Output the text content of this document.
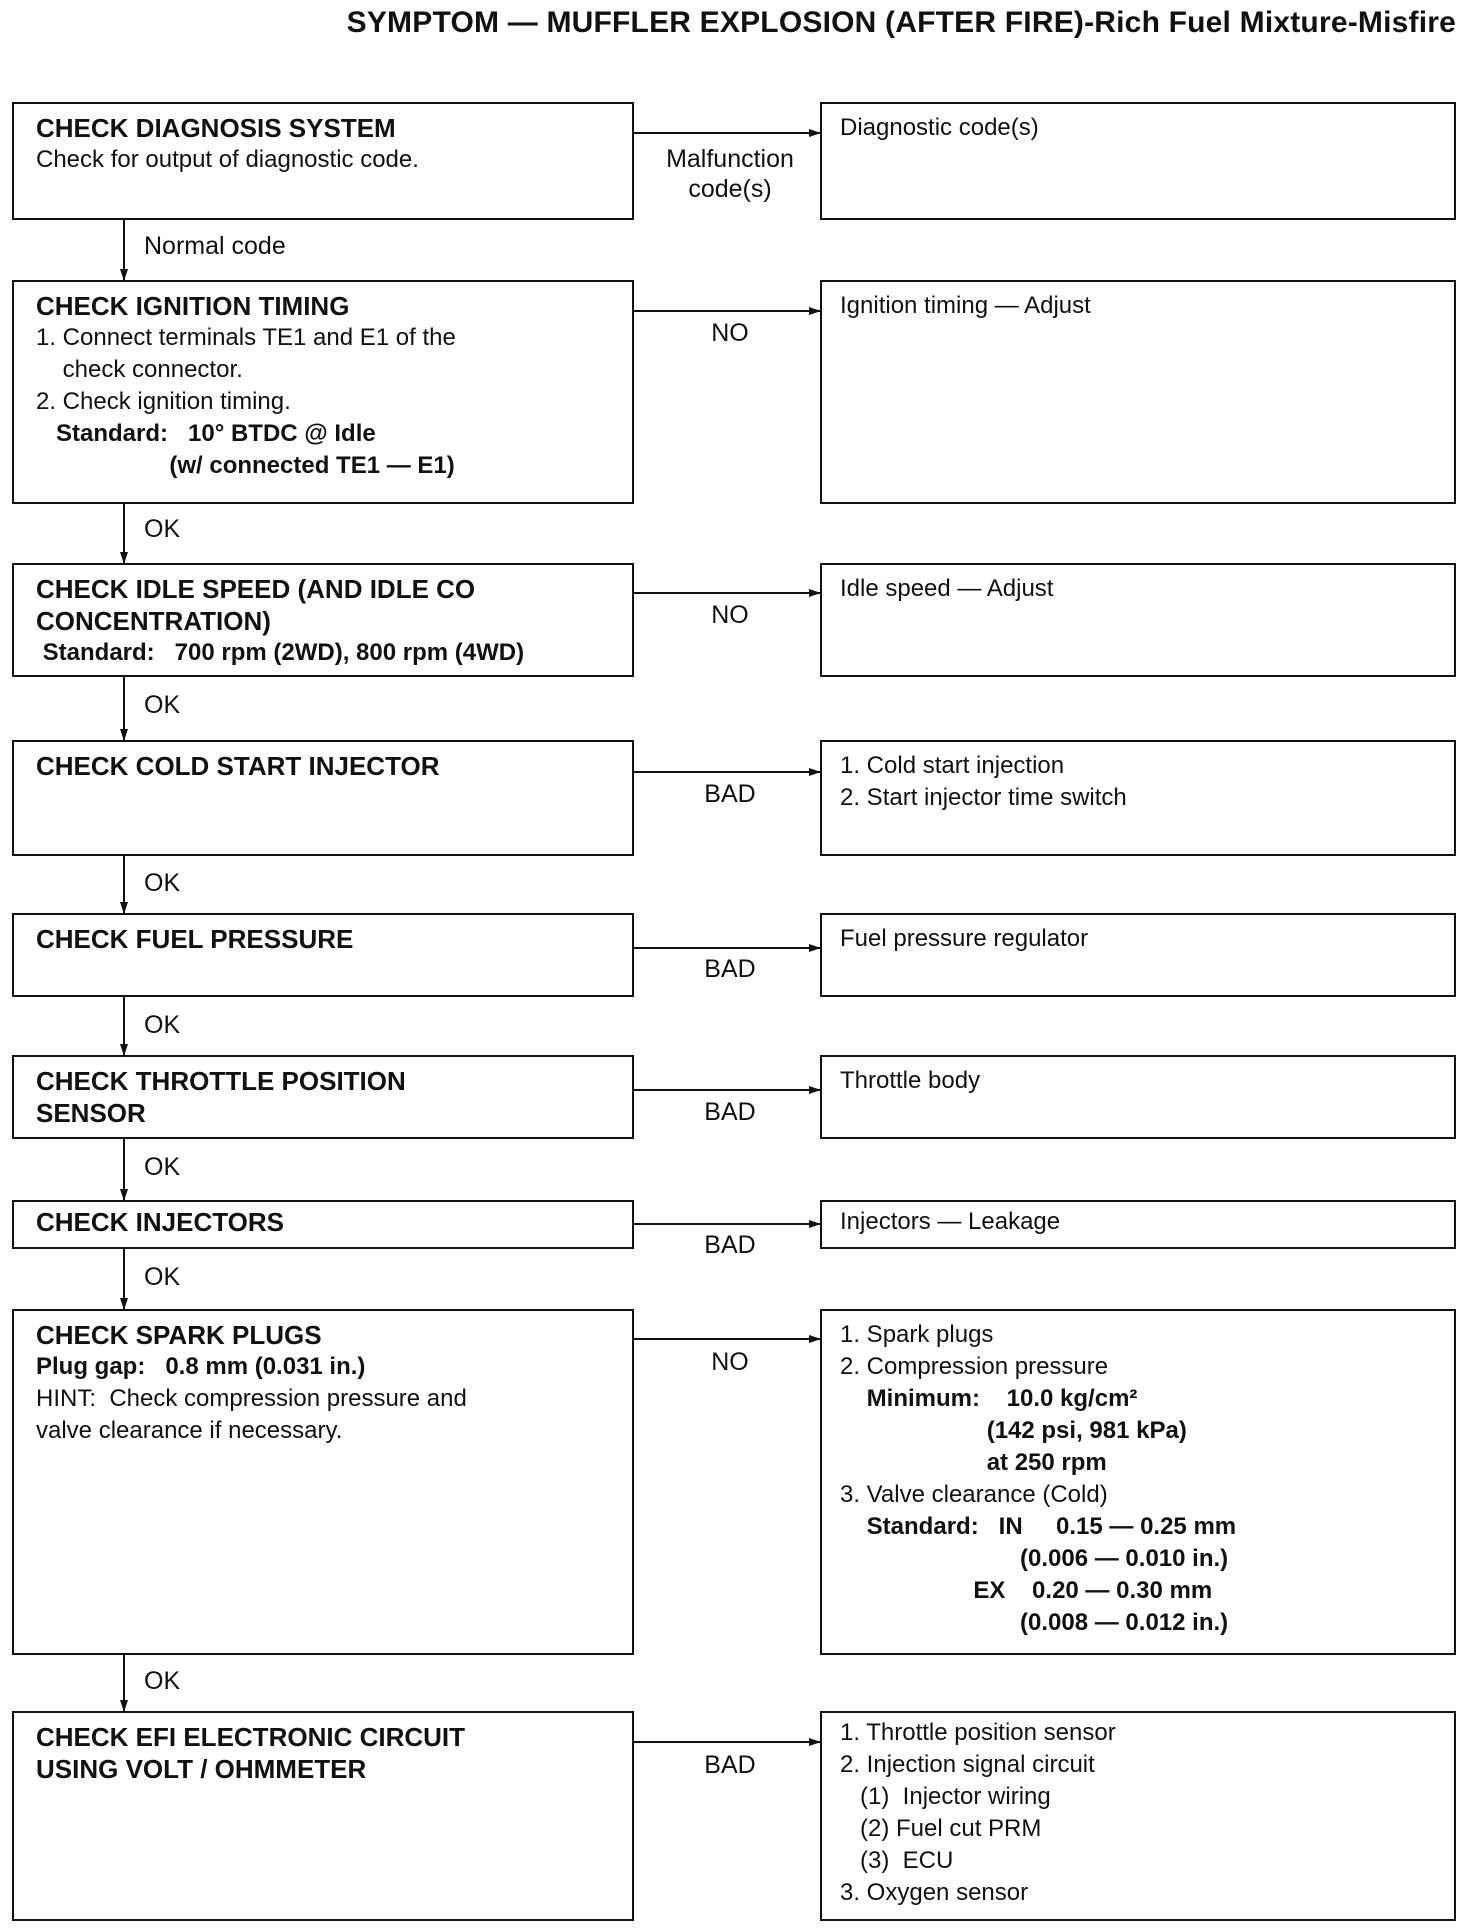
SYMPTOM — MUFFLER EXPLOSION (AFTER FIRE)-Rich Fuel Mixture-Misfire
CHECK DIAGNOSIS SYSTEM
Check for output of diagnostic code.	Malfunction
code(s)
Diagnostic code(s)
Normal code
CHECK IGNITION TIMING
1. Connect terminals TE1 and E1 of the
check connector.
2. Check ignition timing.
Standard:   10° BTDC @ Idle
(w/ connected TE1 — E1)
NO
Ignition timing — Adjust
OK
CHECK IDLE SPEED (AND IDLE CO
CONCENTRATION)
Standard:   700 rpm (2WD), 800 rpm (4WD)
NO
Idle speed — Adjust
OK
CHECK COLD START INJECTOR
BAD
1. Cold start injection
2. Start injector time switch
OK
CHECK FUEL PRESSURE
BAD
Fuel pressure regulator
OK
CHECK THROTTLE POSITION
SENSOR	BAD
Throttle body
OK
CHECK INJECTORS
BAD
Injectors — Leakage
OK
CHECK SPARK PLUGS
Plug gap:   0.8 mm (0.031 in.)
HINT:  Check compression pressure and
valve clearance if necessary.
NO
1. Spark plugs
2. Compression pressure
Minimum:    10.0 kg/cm²
(142 psi, 981 kPa)
at 250 rpm
3. Valve clearance (Cold)
Standard:   IN     0.15 — 0.25 mm
(0.006 — 0.010 in.)
EX    0.20 — 0.30 mm
(0.008 — 0.012 in.)
OK
CHECK EFI ELECTRONIC CIRCUIT
USING VOLT / OHMMETER	BAD
1. Throttle position sensor
2. Injection signal circuit
(1)  Injector wiring
(2) Fuel cut PRM
(3)  ECU
3. Oxygen sensor
